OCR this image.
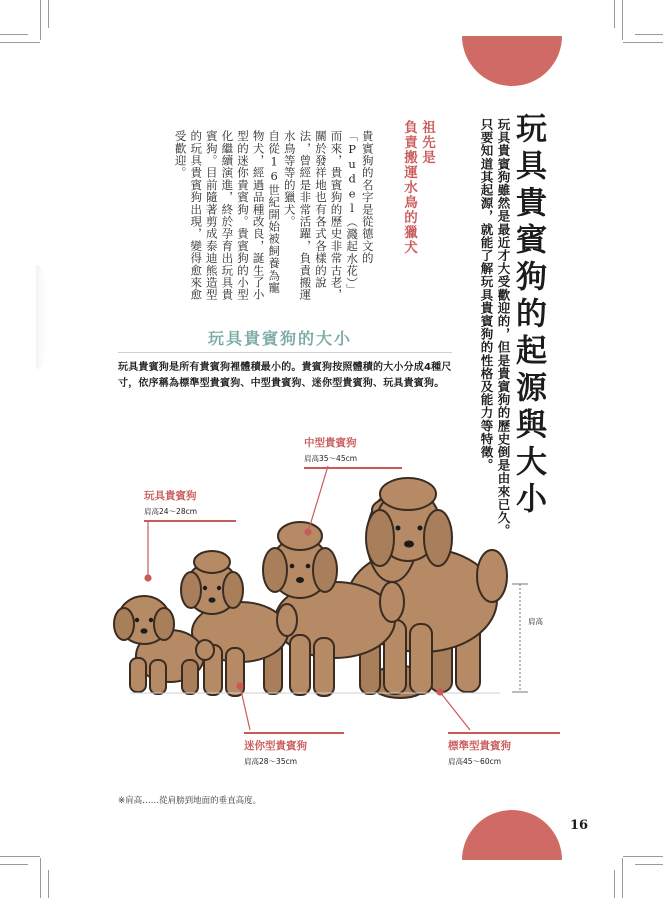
玩具貴賓狗的起源與大小
玩具貴賓狗雖然是最近才大受歡迎的，但是貴賓狗的歷史倒是由來已久。只要知道其起源，就能了解玩具貴賓狗的性格及能力等特徵。
祖先是
負責搬運水鳥的獵犬
貴賓狗的名字是從德文的「Pudel（濺起水花）」而來，貴賓狗的歷史非常古老，關於發祥地也有各式各樣的說法，曾經是非常活躍，負責搬運水鳥等等的獵犬。
自從16世紀開始被飼養為寵物犬，經過品種改良，誕生了小型的迷你貴賓狗。貴賓狗的小型化繼續演進，終於孕育出玩具貴賓狗。目前隨著剪成泰迪熊造型的玩具貴賓狗出現，變得愈來愈受歡迎。
玩具貴賓狗的大小
玩具貴賓狗是所有貴賓狗裡體積最小的。貴賓狗按照體積的大小分成4種尺寸，依序稱為標準型貴賓狗、中型貴賓狗、迷你型貴賓狗、玩具貴賓狗。
玩具貴賓狗
肩高24～28cm
中型貴賓狗
肩高35～45cm
迷你型貴賓狗
肩高28～35cm
標準型貴賓狗
肩高45～60cm
肩高
※肩高……從肩膀到地面的垂直高度。
16
